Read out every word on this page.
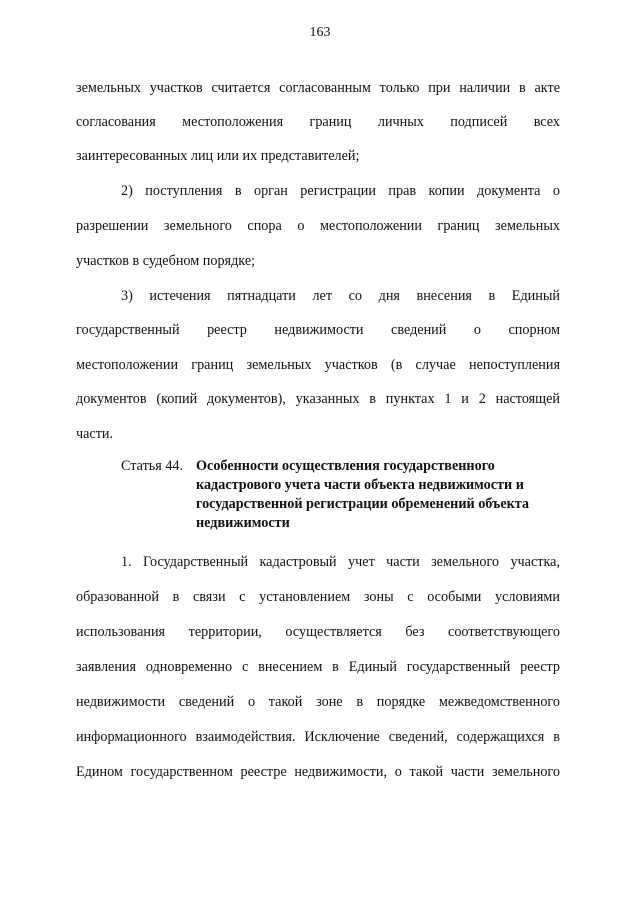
163
земельных участков считается согласованным только при наличии в акте
согласования местоположения границ личных подписей всех
заинтересованных лиц или их представителей;
2) поступления в орган регистрации прав копии документа о
разрешении земельного спора о местоположении границ земельных
участков в судебном порядке;
3) истечения пятнадцати лет со дня внесения в Единый
государственный реестр недвижимости сведений о спорном
местоположении границ земельных участков (в случае непоступления
документов (копий документов), указанных в пунктах 1 и 2 настоящей
части.
Статья 44. Особенности осуществления государственного
кадастрового учета части объекта недвижимости и
государственной регистрации обременений объекта
недвижимости
1. Государственный кадастровый учет части земельного участка,
образованной в связи с установлением зоны с особыми условиями
использования территории, осуществляется без соответствующего
заявления одновременно с внесением в Единый государственный реестр
недвижимости сведений о такой зоне в порядке межведомственного
информационного взаимодействия. Исключение сведений, содержащихся в
Едином государственном реестре недвижимости, о такой части земельного
